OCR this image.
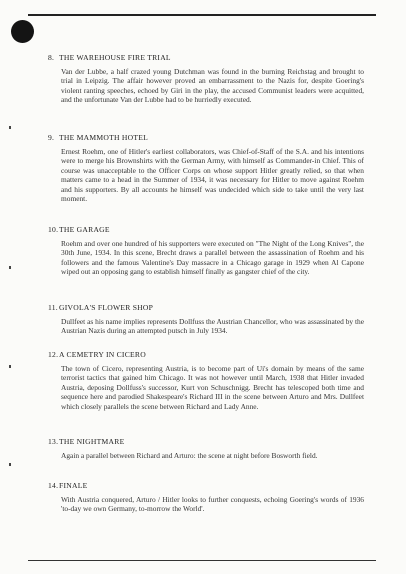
8. THE WAREHOUSE FIRE TRIAL

Van der Lubbe, a half crazed young Dutchman was found in the burning Reichstag and brought to trial in Leipzig. The affair however proved an embarrassment to the Nazis for, despite Goering's violent ranting speeches, echoed by Giri in the play, the accused Communist leaders were acquitted, and the unfortunate Van der Lubbe had to be hurriedly executed.

9. THE MAMMOTH HOTEL

Ernest Roehm, one of Hitler's earliest collaborators, was Chief-of-Staff of the S.A. and his intentions were to merge his Brownshirts with the German Army, with himself as Commander-in Chief. This of course was unacceptable to the Officer Corps on whose support Hitler greatly relied, so that when matters came to a head in the Summer of 1934, it was necessary for Hitler to move against Roehm and his supporters. By all accounts he himself was undecided which side to take until the very last moment.

10.THE GARAGE

Roehm and over one hundred of his supporters were executed on "The Night of the Long Knives", the 30th June, 1934. In this scene, Brecht draws a parallel between the assassination of Roehm and his followers and the famous Valentine's Day massacre in a Chicago garage in 1929 when Al Capone wiped out an opposing gang to establish himself finally as gangster chief of the city.

11.GIVOLA'S FLOWER SHOP

Dullfeet as his name implies represents Dollfuss the Austrian Chancellor, who was assassinated by the Austrian Nazis during an attempted putsch in July 1934.

12.A CEMETRY IN CICERO

The town of Cicero, representing Austria, is to become part of Ui's domain by means of the same terrorist tactics that gained him Chicago. It was not however until March, 1938 that Hitler invaded Austria, deposing Dollfuss's successor, Kurt von Schuschnigg. Brecht has telescoped both time and sequence here and parodied Shakespeare's Richard III in the scene between Arturo and Mrs. Dullfeet which closely parallels the scene between Richard and Lady Anne.

13.THE NIGHTMARE

Again a parallel between Richard and Arturo: the scene at night before Bosworth field.

14.FINALE

With Austria conquered, Arturo / Hitler looks to further conquests, echoing Goering's words of 1936 'to-day we own Germany, to-morrow the World'.
